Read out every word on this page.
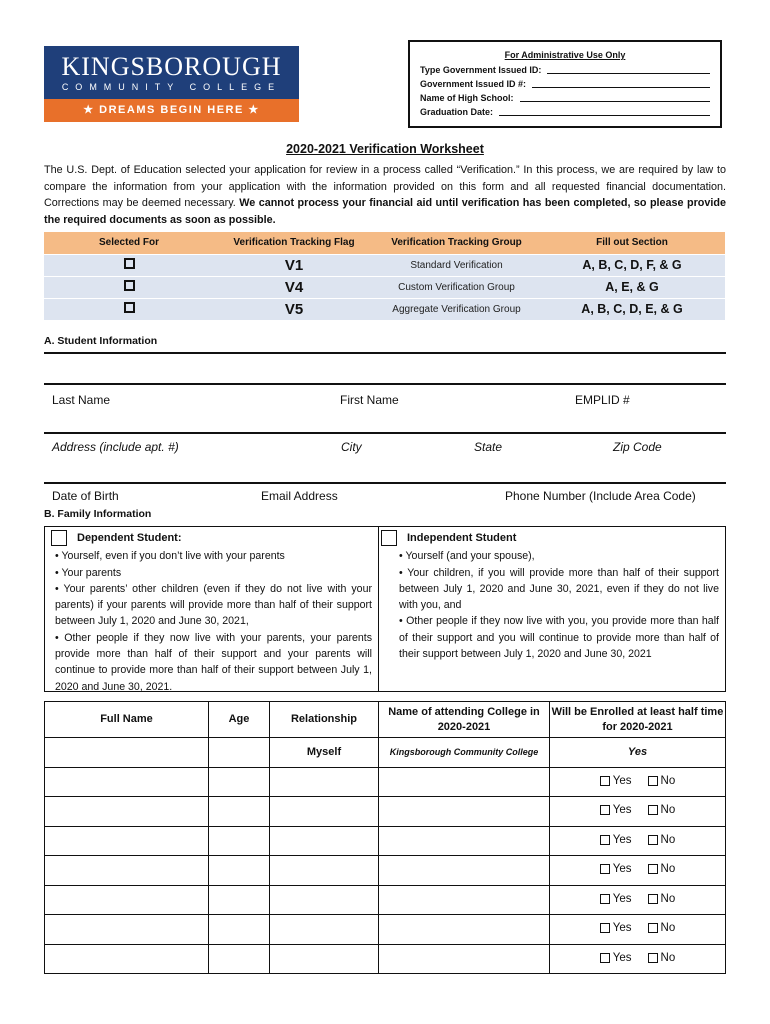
KINGSBOROUGH
COMMUNITY COLLEGE
★ DREAMS BEGIN HERE ★
For Administrative Use Only
Type Government Issued ID:
Government Issued ID #:
Name of High School:
Graduation Date:
2020-2021 Verification Worksheet
The U.S. Dept. of Education selected your application for review in a process called “Verification.” In this process, we are required by law to compare the information from your application with the information provided on this form and all requested financial documentation. Corrections may be deemed necessary. We cannot process your financial aid until verification has been completed, so please provide the required documents as soon as possible.
Selected For	Verification Tracking Flag	Verification Tracking Group	Fill out Section
	V1	Standard Verification	A, B, C, D, F, & G
	V4	Custom Verification Group	A, E, & G
	V5	Aggregate Verification Group	A, B, C, D, E, & G
A. Student Information
Last Name	First Name	EMPLID #
Address (include apt. #)	City	State	Zip Code
Date of Birth	Email Address	Phone Number (Include Area Code)
B. Family Information
Dependent Student:
• Yourself, even if you don’t live with your parents
• Your parents
• Your parents’ other children (even if they do not live with your parents) if your parents will provide more than half of their support between July 1, 2020 and June 30, 2021,
• Other people if they now live with your parents, your parents provide more than half of their support and your parents will continue to provide more than half of their support between July 1, 2020 and June 30, 2021.
Independent Student
• Yourself (and your spouse),
• Your children, if you will provide more than half of their support between July 1, 2020 and June 30, 2021, even if they do not live with you, and
• Other people if they now live with you, you provide more than half of their support and you will continue to provide more than half of their support between July 1, 2020 and June 30, 2021
Full Name	Age	Relationship	Name of attending College in 2020-2021	Will be Enrolled at least half time for 2020-2021
		Myself	Kingsborough Community College	Yes

				Yes No

				Yes No

				Yes No

				Yes No

				Yes No

				Yes No

				Yes No
